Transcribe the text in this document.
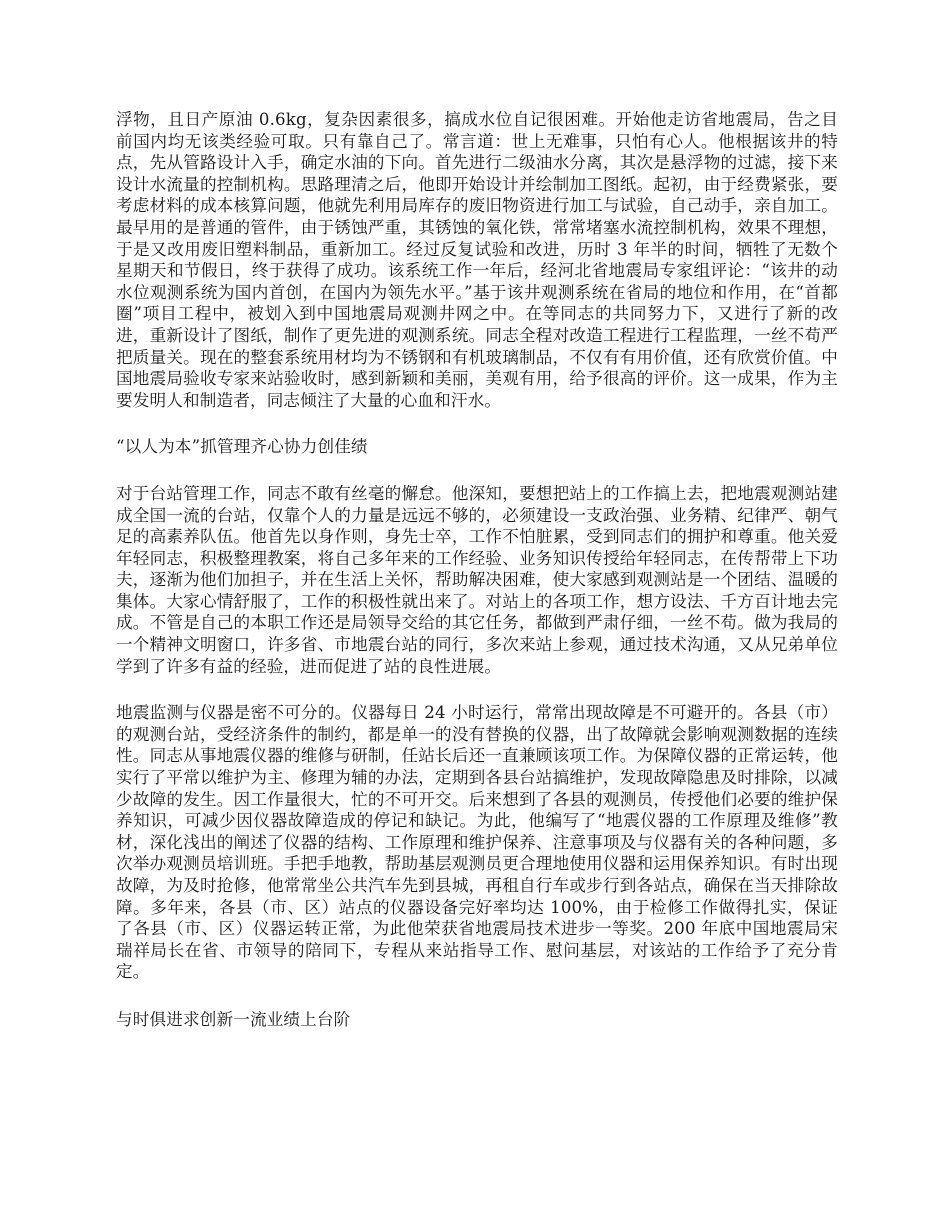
浮物，且日产原油 0.6kg，复杂因素很多，搞成水位自记很困难。开始他走访省地震局，告之目前国内均无该类经验可取。只有靠自己了。常言道：世上无难事，只怕有心人。他根据该井的特点，先从管路设计入手，确定水油的下向。首先进行二级油水分离，其次是悬浮物的过滤，接下来设计水流量的控制机构。思路理清之后，他即开始设计并绘制加工图纸。起初，由于经费紧张，要考虑材料的成本核算问题，他就先利用局库存的废旧物资进行加工与试验，自己动手，亲自加工。最早用的是普通的管件，由于锈蚀严重，其锈蚀的氧化铁，常常堵塞水流控制机构，效果不理想，于是又改用废旧塑料制品，重新加工。经过反复试验和改进，历时 3 年半的时间，牺牲了无数个星期天和节假日，终于获得了成功。该系统工作一年后，经河北省地震局专家组评论：“该井的动水位观测系统为国内首创，在国内为领先水平。”基于该井观测系统在省局的地位和作用，在“首都圈”项目工程中，被划入到中国地震局观测井网之中。在等同志的共同努力下，又进行了新的改进，重新设计了图纸，制作了更先进的观测系统。同志全程对改造工程进行工程监理，一丝不苟严把质量关。现在的整套系统用材均为不锈钢和有机玻璃制品，不仅有有用价值，还有欣赏价值。中国地震局验收专家来站验收时，感到新颖和美丽，美观有用，给予很高的评价。这一成果，作为主要发明人和制造者，同志倾注了大量的心血和汗水。

“以人为本”抓管理齐心协力创佳绩

对于台站管理工作，同志不敢有丝毫的懈怠。他深知，要想把站上的工作搞上去，把地震观测站建成全国一流的台站，仅靠个人的力量是远远不够的，必须建设一支政治强、业务精、纪律严、朝气足的高素养队伍。他首先以身作则，身先士卒，工作不怕脏累，受到同志们的拥护和尊重。他关爱年轻同志，积极整理教案，将自己多年来的工作经验、业务知识传授给年轻同志，在传帮带上下功夫，逐渐为他们加担子，并在生活上关怀，帮助解决困难，使大家感到观测站是一个团结、温暖的集体。大家心情舒服了，工作的积极性就出来了。对站上的各项工作，想方设法、千方百计地去完成。不管是自己的本职工作还是局领导交给的其它任务，都做到严肃仔细，一丝不苟。做为我局的一个精神文明窗口，许多省、市地震台站的同行，多次来站上参观，通过技术沟通，又从兄弟单位学到了许多有益的经验，进而促进了站的良性进展。

地震监测与仪器是密不可分的。仪器每日 24 小时运行，常常出现故障是不可避开的。各县（市）的观测台站，受经济条件的制约，都是单一的没有替换的仪器，出了故障就会影响观测数据的连续性。同志从事地震仪器的维修与研制，任站长后还一直兼顾该项工作。为保障仪器的正常运转，他实行了平常以维护为主、修理为辅的办法，定期到各县台站搞维护，发现故障隐患及时排除，以减少故障的发生。因工作量很大，忙的不可开交。后来想到了各县的观测员，传授他们必要的维护保养知识，可减少因仪器故障造成的停记和缺记。为此，他编写了“地震仪器的工作原理及维修”教材，深化浅出的阐述了仪器的结构、工作原理和维护保养、注意事项及与仪器有关的各种问题，多次举办观测员培训班。手把手地教，帮助基层观测员更合理地使用仪器和运用保养知识。有时出现故障，为及时抢修，他常常坐公共汽车先到县城，再租自行车或步行到各站点，确保在当天排除故障。多年来，各县（市、区）站点的仪器设备完好率均达 100%，由于检修工作做得扎实，保证了各县（市、区）仪器运转正常，为此他荣获省地震局技术进步一等奖。200 年底中国地震局宋瑞祥局长在省、市领导的陪同下，专程从来站指导工作、慰问基层，对该站的工作给予了充分肯定。

与时俱进求创新一流业绩上台阶
